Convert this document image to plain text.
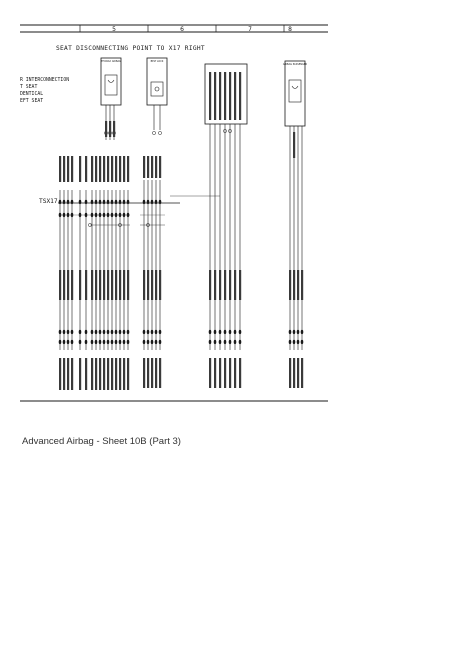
5	6	7	8
SEAT DISCONNECTING POINT TO X17 RIGHT
R INTERCONNECTION
T SEAT
DENTICAL
EFT SEAT
THORAX AIRBAG	BELT LOCK
AIRBAG PASSENGER
TSX17
Advanced Airbag - Sheet 10B (Part 3)
